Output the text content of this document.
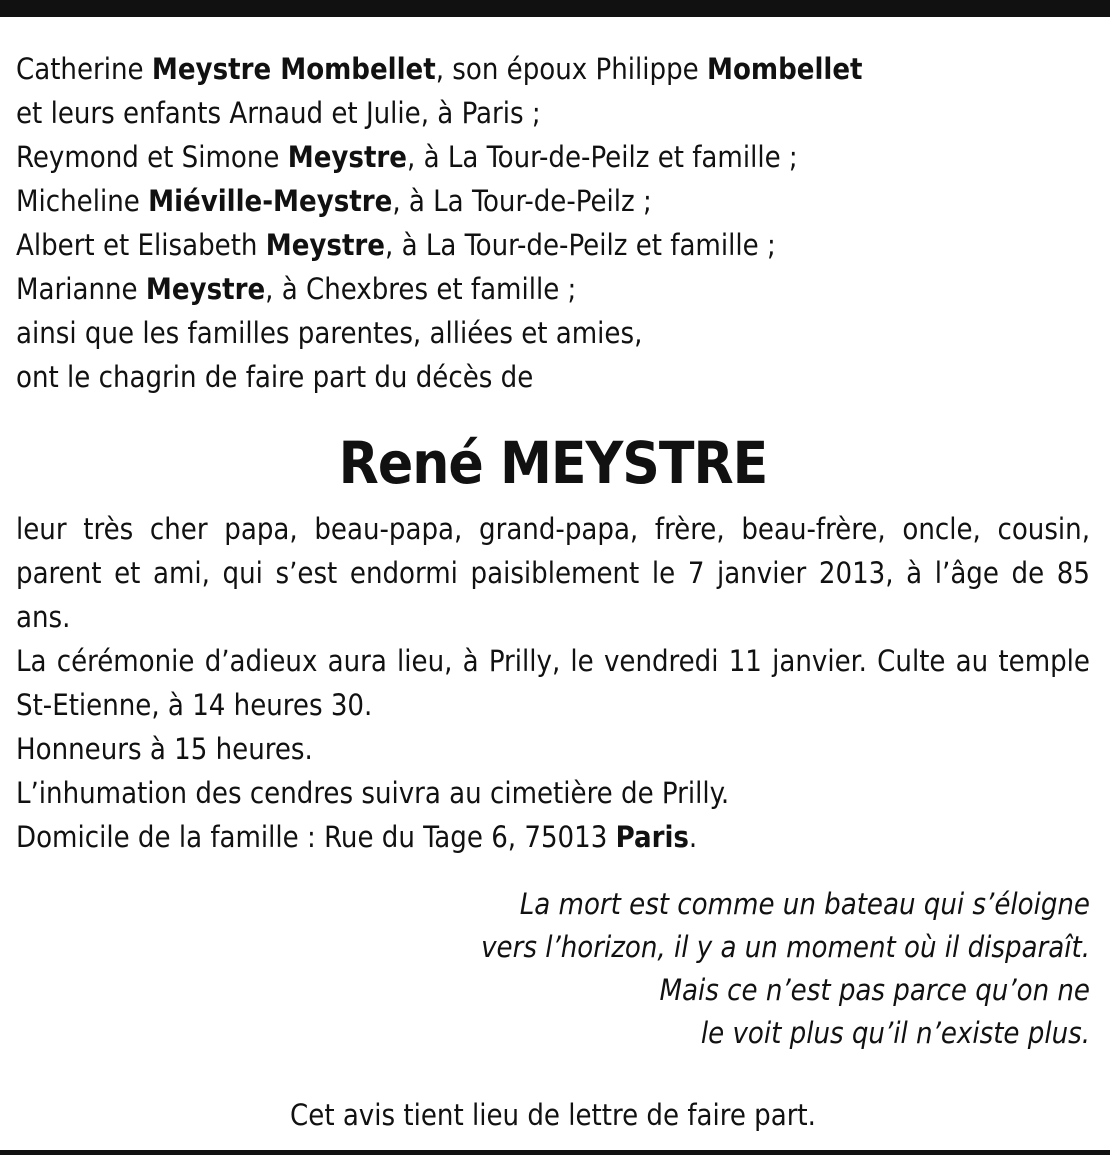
Catherine Meystre Mombellet, son époux Philippe Mombellet
et leurs enfants Arnaud et Julie, à Paris ;
Reymond et Simone Meystre, à La Tour-de-Peilz et famille ;
Micheline Miéville-Meystre, à La Tour-de-Peilz ;
Albert et Elisabeth Meystre, à La Tour-de-Peilz et famille ;
Marianne Meystre, à Chexbres et famille ;
ainsi que les familles parentes, alliées et amies,
ont le chagrin de faire part du décès de
René MEYSTRE
leur très cher papa, beau-papa, grand-papa, frère, beau-frère, oncle, cousin, parent et ami, qui s’est endormi paisiblement le 7 janvier 2013, à l’âge de 85 ans.
La cérémonie d’adieux aura lieu, à Prilly, le vendredi 11 janvier. Culte au temple St-Etienne, à 14 heures 30.
Honneurs à 15 heures.
L’inhumation des cendres suivra au cimetière de Prilly.
Domicile de la famille : Rue du Tage 6, 75013 Paris.
La mort est comme un bateau qui s’éloigne
vers l’horizon, il y a un moment où il disparaît.
Mais ce n’est pas parce qu’on ne
le voit plus qu’il n’existe plus.
Cet avis tient lieu de lettre de faire part.
